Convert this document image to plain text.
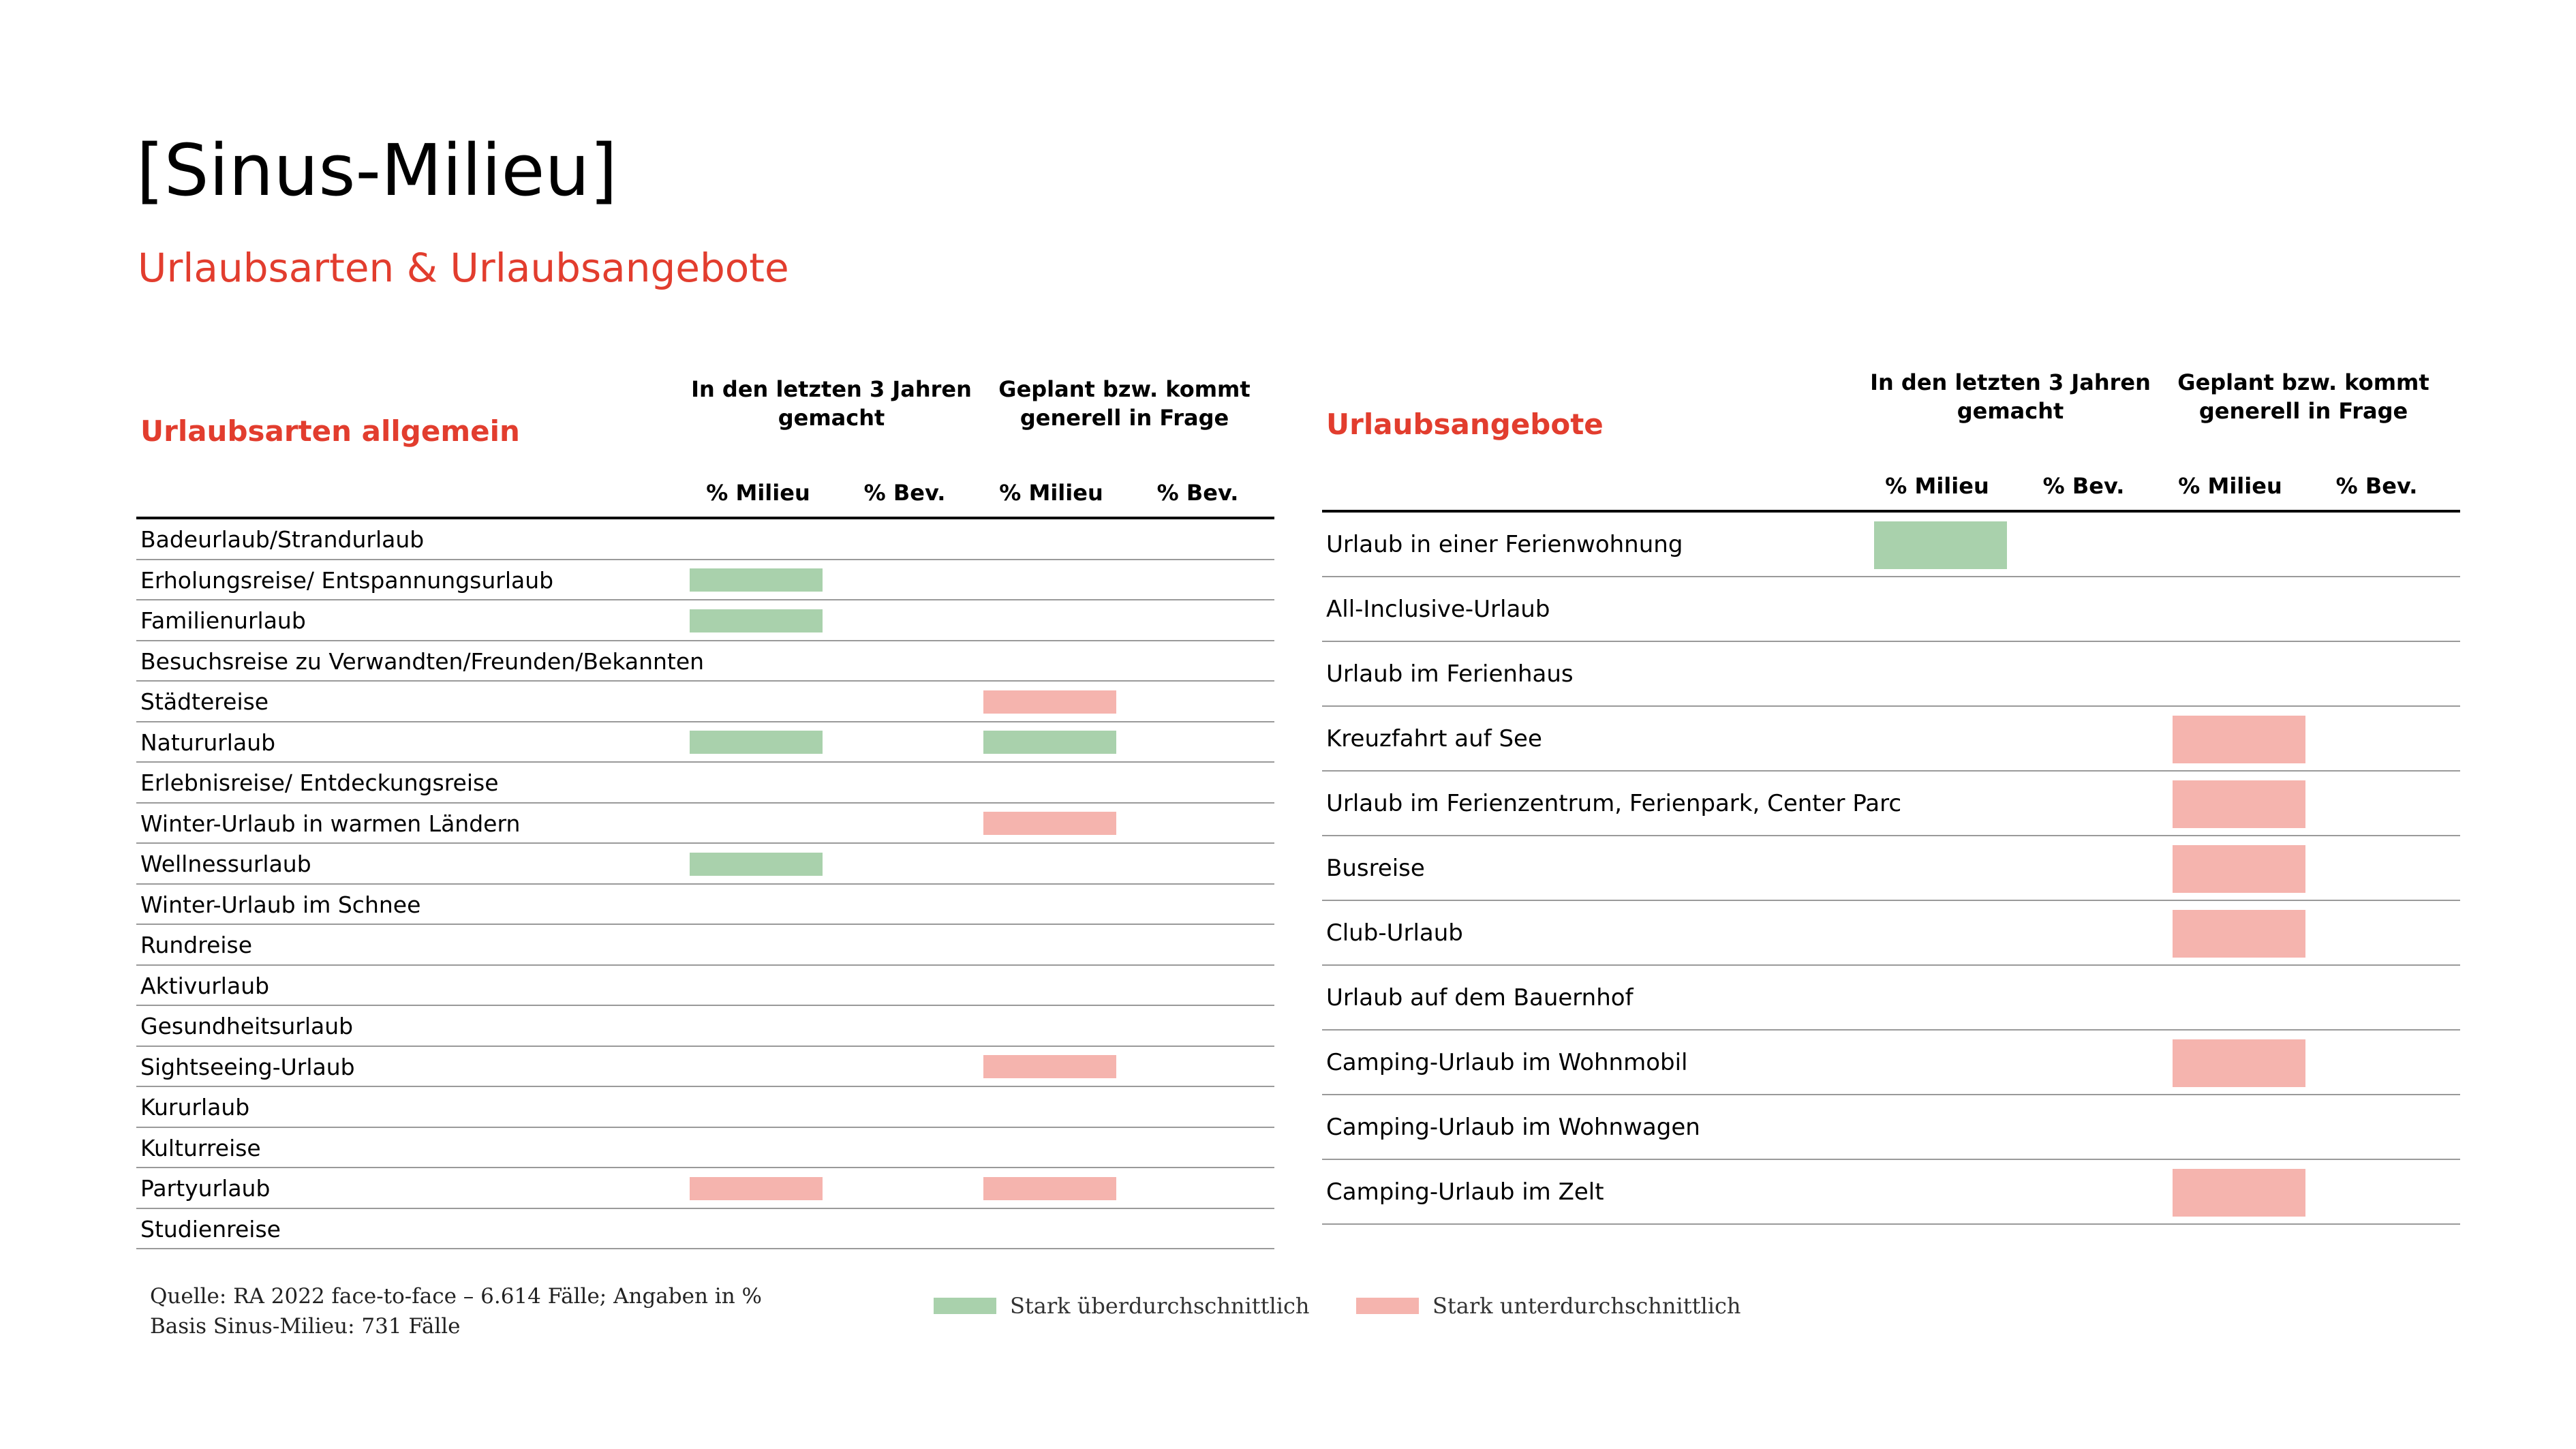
[Sinus-Milieu]
Urlaubsarten & Urlaubsangebote
Urlaubsarten allgemein
In den letzten 3 Jahren gemacht
Geplant bzw. kommt generell in Frage
% Milieu	% Bev.	% Milieu	% Bev.
Badeurlaub/Strandurlaub
Erholungsreise/ Entspannungsurlaub
Familienurlaub
Besuchsreise zu Verwandten/Freunden/Bekannten
Städtereise
Natururlaub
Erlebnisreise/ Entdeckungsreise
Winter-Urlaub in warmen Ländern
Wellnessurlaub
Winter-Urlaub im Schnee
Rundreise
Aktivurlaub
Gesundheitsurlaub
Sightseeing-Urlaub
Kururlaub
Kulturreise
Partyurlaub
Studienreise
Urlaubsangebote
In den letzten 3 Jahren gemacht
Geplant bzw. kommt generell in Frage
% Milieu	% Bev.	% Milieu	% Bev.
Urlaub in einer Ferienwohnung
All-Inclusive-Urlaub
Urlaub im Ferienhaus
Kreuzfahrt auf See
Urlaub im Ferienzentrum, Ferienpark, Center Parc
Busreise
Club-Urlaub
Urlaub auf dem Bauernhof
Camping-Urlaub im Wohnmobil
Camping-Urlaub im Wohnwagen
Camping-Urlaub im Zelt
Quelle: RA 2022 face-to-face – 6.614 Fälle; Angaben in %
Basis Sinus-Milieu: 731 Fälle
Stark überdurchschnittlich	Stark unterdurchschnittlich
